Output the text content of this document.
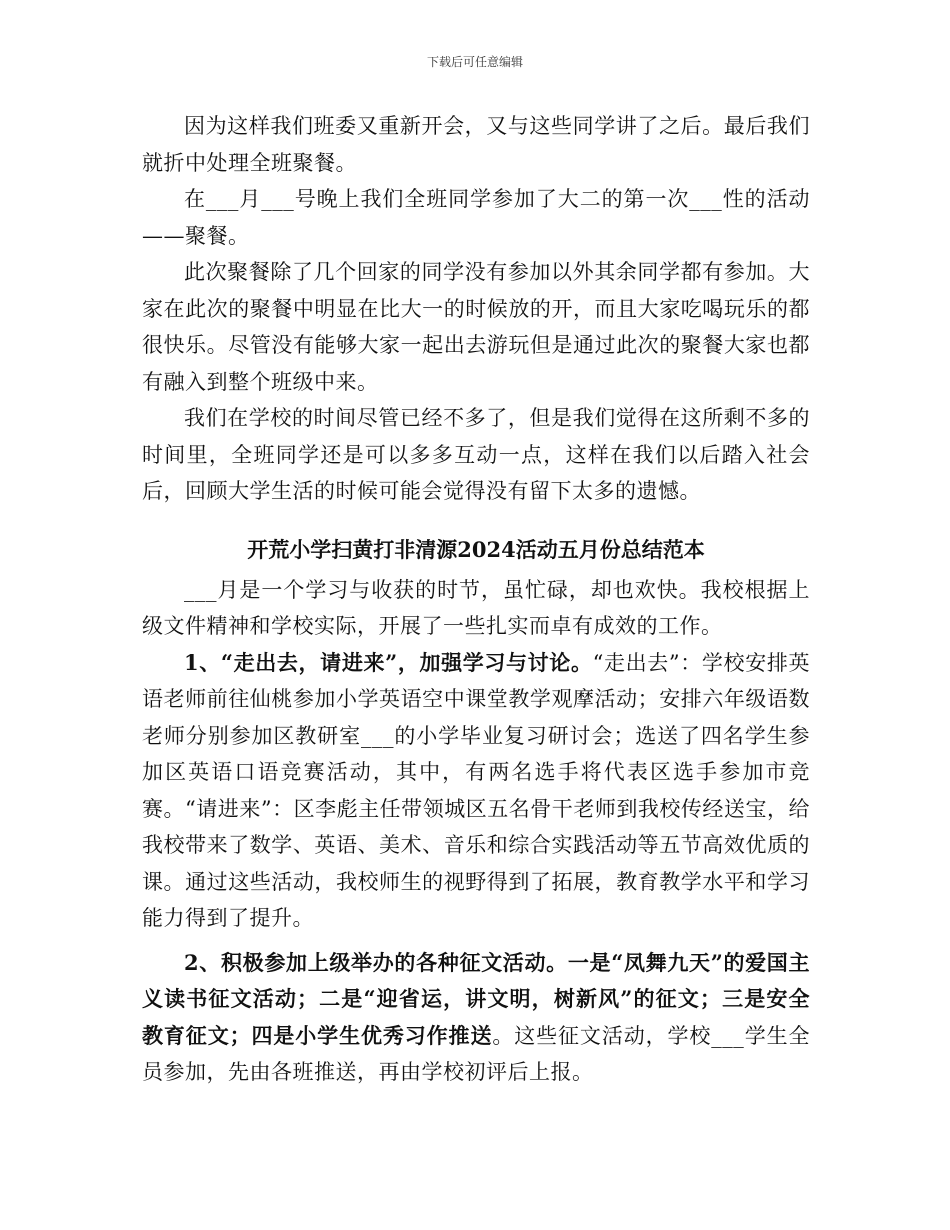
下载后可任意编辑

因为这样我们班委又重新开会，又与这些同学讲了之后。最后我们就折中处理全班聚餐。

在___月___号晚上我们全班同学参加了大二的第一次___性的活动——聚餐。

此次聚餐除了几个回家的同学没有参加以外其余同学都有参加。大家在此次的聚餐中明显在比大一的时候放的开，而且大家吃喝玩乐的都很快乐。尽管没有能够大家一起出去游玩但是通过此次的聚餐大家也都有融入到整个班级中来。

我们在学校的时间尽管已经不多了，但是我们觉得在这所剩不多的时间里，全班同学还是可以多多互动一点，这样在我们以后踏入社会后，回顾大学生活的时候可能会觉得没有留下太多的遗憾。

开荒小学扫黄打非清源2024活动五月份总结范本

___月是一个学习与收获的时节，虽忙碌，却也欢快。我校根据上级文件精神和学校实际，开展了一些扎实而卓有成效的工作。

1、“走出去，请进来”，加强学习与讨论。“走出去”：学校安排英语老师前往仙桃参加小学英语空中课堂教学观摩活动；安排六年级语数老师分别参加区教研室___的小学毕业复习研讨会；选送了四名学生参加区英语口语竞赛活动，其中，有两名选手将代表区选手参加市竞赛。“请进来”：区李彪主任带领城区五名骨干老师到我校传经送宝，给我校带来了数学、英语、美术、音乐和综合实践活动等五节高效优质的课。通过这些活动，我校师生的视野得到了拓展，教育教学水平和学习能力得到了提升。

2、积极参加上级举办的各种征文活动。一是“凤舞九天”的爱国主义读书征文活动；二是“迎省运，讲文明，树新风”的征文；三是安全教育征文；四是小学生优秀习作推送。这些征文活动，学校___学生全员参加，先由各班推送，再由学校初评后上报。
